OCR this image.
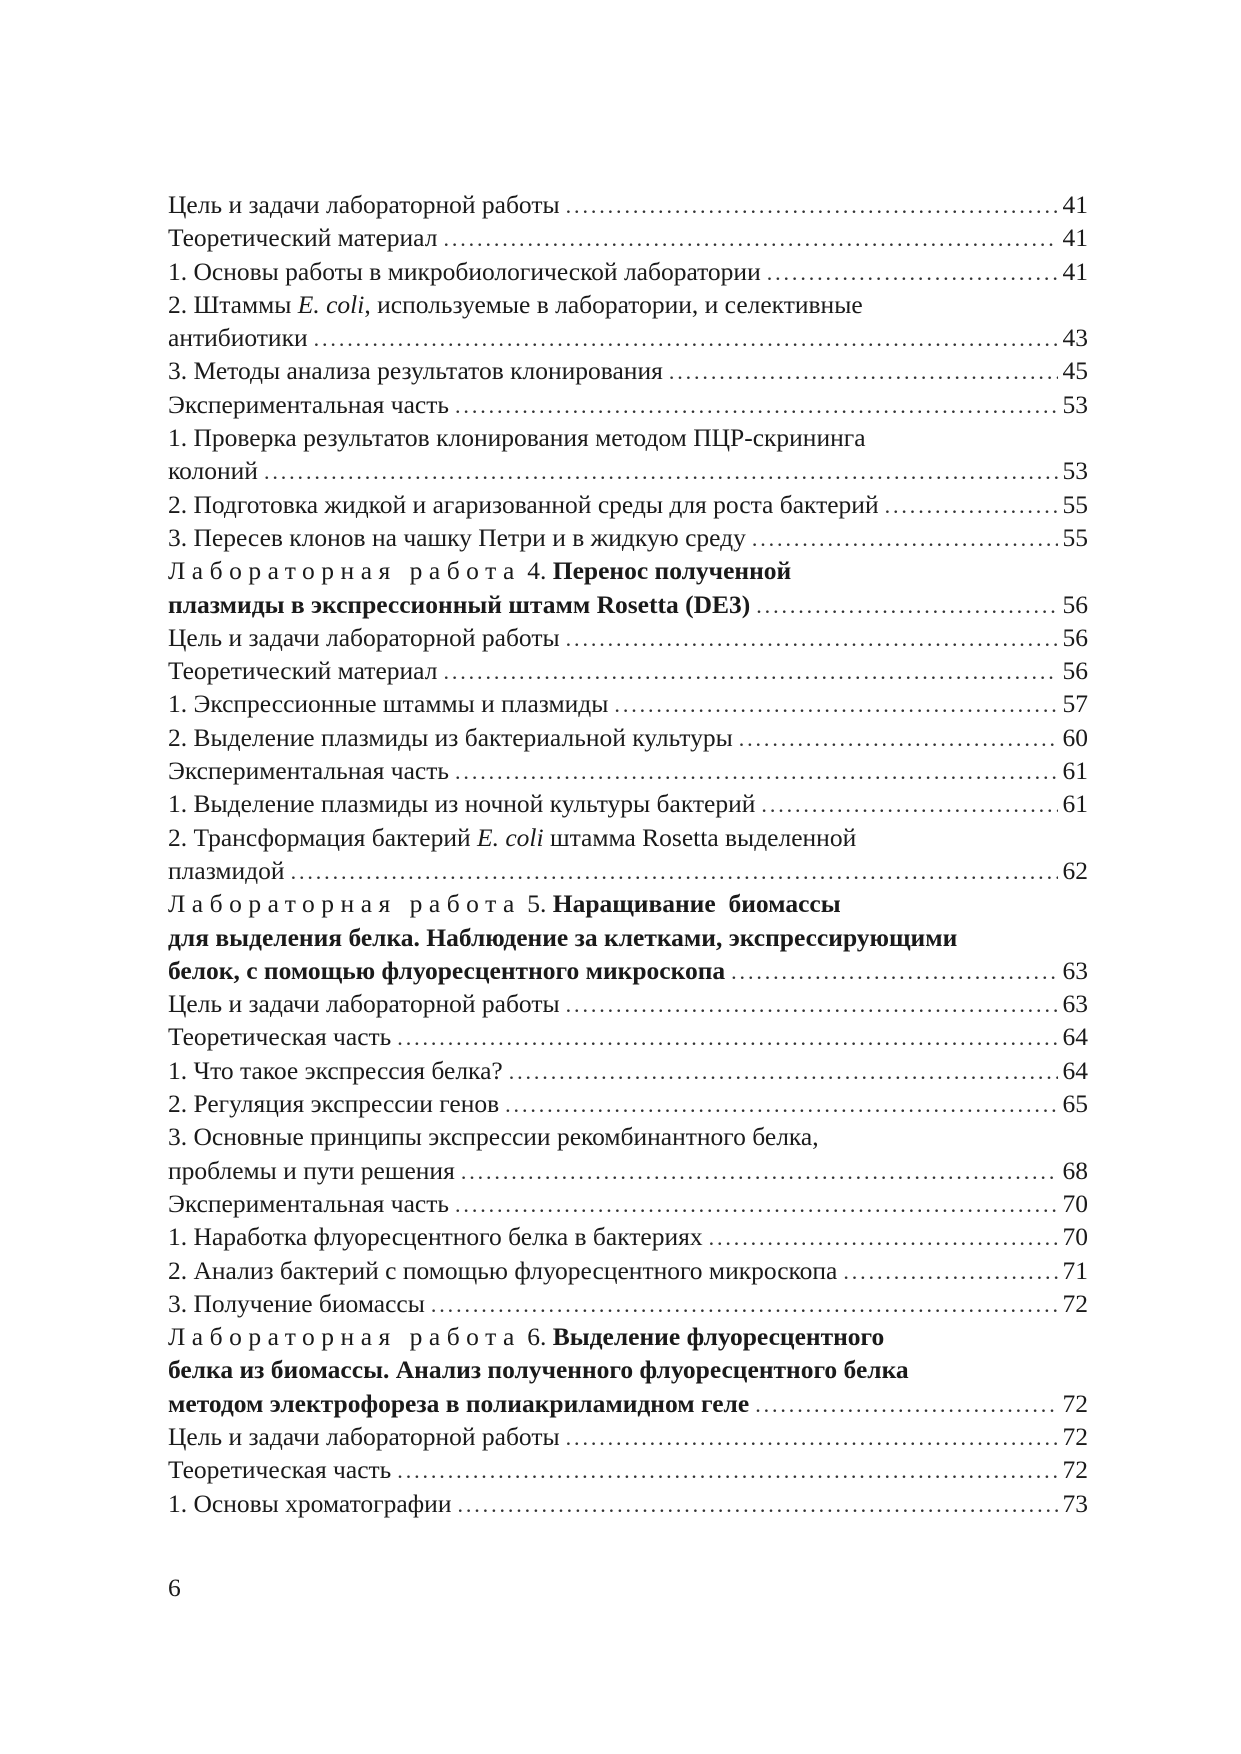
Цель и задачи лабораторной работы . . .	41
Теоретический материал . . .	41
1. Основы работы в микробиологической лаборатории . . .	41
2. Штаммы E. coli, используемые в лаборатории, и селективные
антибиотики . . .	43
3. Методы анализа результатов клонирования . . .	45
Экспериментальная часть . . .	53
1. Проверка результатов клонирования методом ПЦР-скрининга
колоний . . .	53
2. Подготовка жидкой и агаризованной среды для роста бактерий . . .	55
3. Пересев клонов на чашку Петри и в жидкую среду . . .	55
Лабораторная работа 4. Перенос полученной
плазмиды в экспрессионный штамм Rosetta (DE3) . . .	56
Цель и задачи лабораторной работы . . .	56
Теоретический материал . . .	56
1. Экспрессионные штаммы и плазмиды . . .	57
2. Выделение плазмиды из бактериальной культуры . . .	60
Экспериментальная часть . . .	61
1. Выделение плазмиды из ночной культуры бактерий . . .	61
2. Трансформация бактерий E. coli штамма Rosetta выделенной
плазмидой . . .	62
Лабораторная работа 5. Наращивание  биомассы
для выделения белка. Наблюдение за клетками, экспрессирующими
белок, с помощью флуоресцентного микроскопа . . .	63
Цель и задачи лабораторной работы . . .	63
Теоретическая часть . . .	64
1. Что такое экспрессия белка? . . .	64
2. Регуляция экспрессии генов . . .	65
3. Основные принципы экспрессии рекомбинантного белка,
проблемы и пути решения . . .	68
Экспериментальная часть . . .	70
1. Наработка флуоресцентного белка в бактериях . . .	70
2. Анализ бактерий с помощью флуоресцентного микроскопа . . .	71
3. Получение биомассы . . .	72
Лабораторная работа 6. Выделение флуоресцентного
белка из биомассы. Анализ полученного флуоресцентного белка
методом электрофореза в полиакриламидном геле . . .	72
Цель и задачи лабораторной работы . . .	72
Теоретическая часть . . .	72
1. Основы хроматографии . . .	73
6
